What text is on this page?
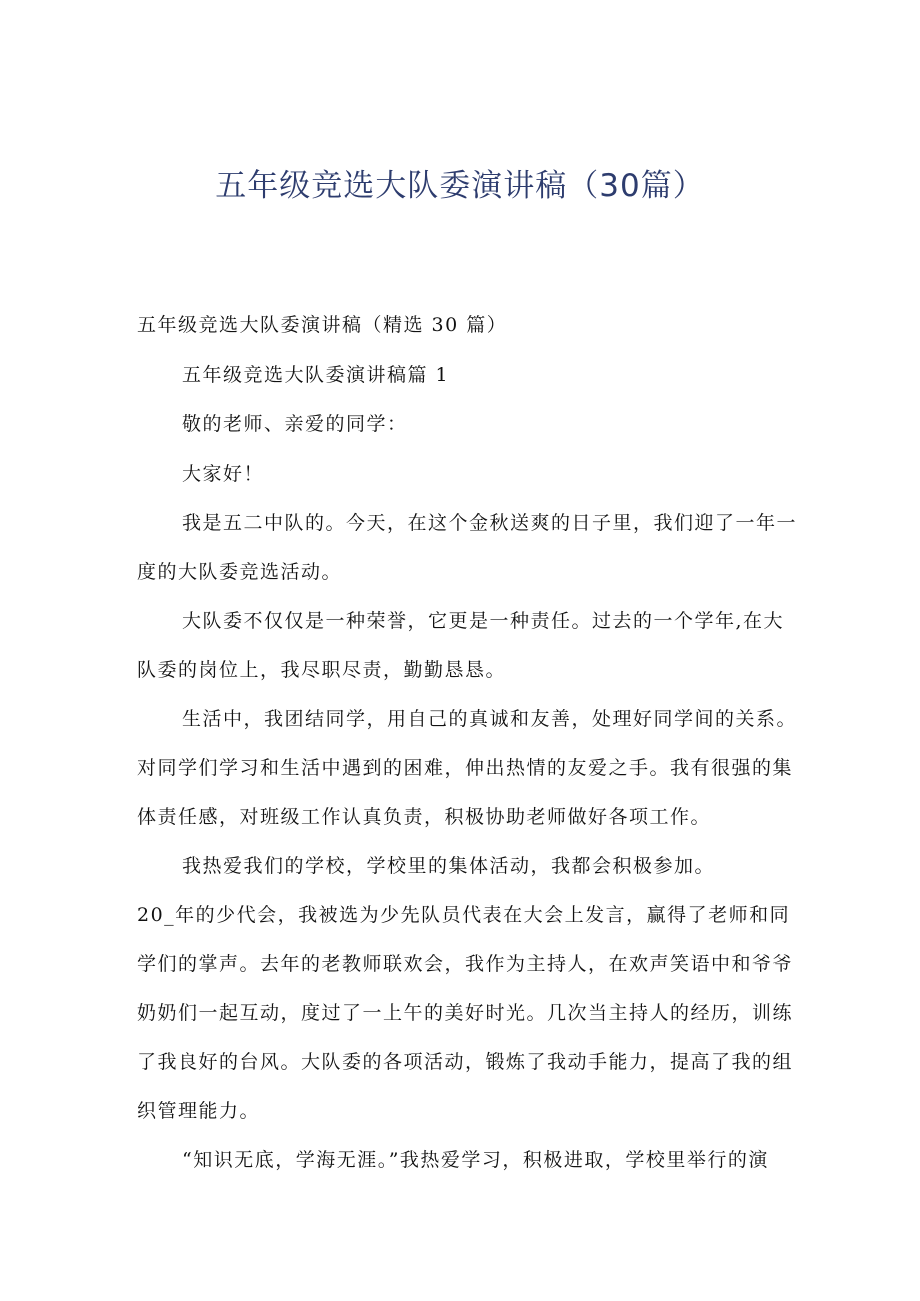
五年级竞选大队委演讲稿（30篇）
五年级竞选大队委演讲稿（精选 30 篇）
五年级竞选大队委演讲稿篇 1
敬的老师、亲爱的同学：
大家好！
我是五二中队的。今天，在这个金秋送爽的日子里，我们迎了一年一
度的大队委竞选活动。
大队委不仅仅是一种荣誉，它更是一种责任。过去的一个学年,在大
队委的岗位上，我尽职尽责，勤勤恳恳。
生活中，我团结同学，用自己的真诚和友善，处理好同学间的关系。
对同学们学习和生活中遇到的困难，伸出热情的友爱之手。我有很强的集
体责任感，对班级工作认真负责，积极协助老师做好各项工作。
我热爱我们的学校，学校里的集体活动，我都会积极参加。
20_年的少代会，我被选为少先队员代表在大会上发言，赢得了老师和同
学们的掌声。去年的老教师联欢会，我作为主持人，在欢声笑语中和爷爷
奶奶们一起互动，度过了一上午的美好时光。几次当主持人的经历，训练
了我良好的台风。大队委的各项活动，锻炼了我动手能力，提高了我的组
织管理能力。
“知识无底，学海无涯。”我热爱学习，积极进取，学校里举行的演
